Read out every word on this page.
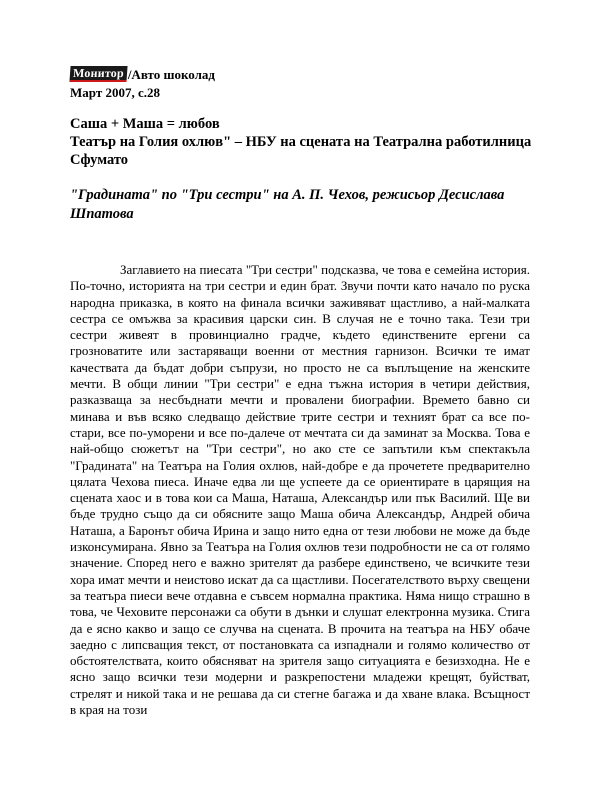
Монитор /Авто шоколад
Март 2007, с.28
Саша + Маша = любов
Театър на Голия охлюв" – НБУ на сцената на Театрална работилница Сфумато
"Градината" по "Три сестри" на А. П. Чехов, режисьор Десислава Шпатова

Заглавието на пиесата "Три сестри" подсказва, че това е семейна история. По-точно, историята на три сестри и един брат. Звучи почти като начало по руска народна приказка, в която на финала всички заживяват щастливо, а най-малката сестра се омъжва за красивия царски син. В случая не е точно така. Тези три сестри живеят в провинциално градче, където единствените ергени са грозноватите или застаряващи военни от местния гарнизон. Всички те имат качествата да бъдат добри съпрузи, но просто не са въплъщение на женските мечти. В общи линии "Три сестри" е една тъжна история в четири действия, разказваща за несбъднати мечти и провалени биографии. Времето бавно си минава и във всяко следващо действие трите сестри и техният брат са все по-стари, все по-уморени и все по-далече от мечтата си да заминат за Москва. Това е най-общо сюжетът на "Три сестри", но ако сте се запътили към спектакъла "Градината" на Театъра на Голия охлюв, най-добре е да прочетете предварително цялата Чехова пиеса. Иначе едва ли ще успеете да се ориентирате в царящия на сцената хаос и в това кои са Маша, Наташа, Александър или пък Василий. Ще ви бъде трудно също да си обясните защо Маша обича Александър, Андрей обича Наташа, а Баронът обича Ирина и защо нито една от тези любови не може да бъде изконсумирана. Явно за Театъра на Голия охлюв тези подробности не са от голямо значение. Според него е важно зрителят да разбере единствено, че всичките тези хора имат мечти и неистово искат да са щастливи. Посегателството върху свещени за театъра пиеси вече отдавна е съвсем нормална практика. Няма нищо страшно в това, че Чеховите персонажи са обути в дънки и слушат електронна музика. Стига да е ясно какво и защо се случва на сцената. В прочита на театъра на НБУ обаче заедно с липсващия текст, от постановката са изпаднали и голямо количество от обстоятелствата, които обясняват на зрителя защо ситуацията е безизходна. Не е ясно защо всички тези модерни и разкрепостени младежи крещят, буйстват, стрелят и никой така и не решава да си стегне багажа и да хване влака. Всъщност в края на този
